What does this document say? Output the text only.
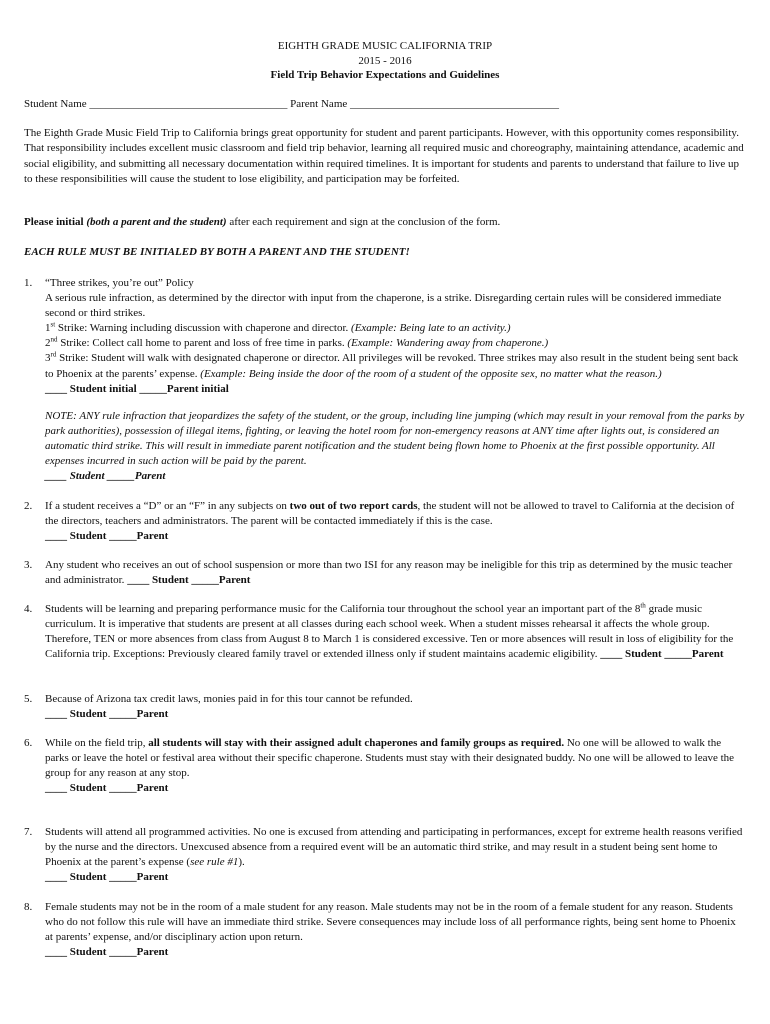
EIGHTH GRADE MUSIC CALIFORNIA TRIP
2015 - 2016
Field Trip Behavior Expectations and Guidelines
Student Name ____________________________________ Parent Name ______________________________________
The Eighth Grade Music Field Trip to California brings great opportunity for student and parent participants. However, with this opportunity comes responsibility. That responsibility includes excellent music classroom and field trip behavior, learning all required music and choreography, maintaining attendance, academic and social eligibility, and submitting all necessary documentation within required timelines. It is important for students and parents to understand that failure to live up to these responsibilities will cause the student to lose eligibility, and participation may be forfeited.
Please initial (both a parent and the student) after each requirement and sign at the conclusion of the form.
EACH RULE MUST BE INITIALED BY BOTH A PARENT AND THE STUDENT!
1. “Three strikes, you’re out” Policy
A serious rule infraction, as determined by the director with input from the chaperone, is a strike. Disregarding certain rules will be considered immediate second or third strikes.
1st Strike: Warning including discussion with chaperone and director. (Example: Being late to an activity.)
2nd Strike: Collect call home to parent and loss of free time in parks. (Example: Wandering away from chaperone.)
3rd Strike: Student will walk with designated chaperone or director. All privileges will be revoked. Three strikes may also result in the student being sent back to Phoenix at the parents’ expense. (Example: Being inside the door of the room of a student of the opposite sex, no matter what the reason.) ____ Student initial _____Parent initial
NOTE: ANY rule infraction that jeopardizes the safety of the student, or the group, including line jumping (which may result in your removal from the parks by park authorities), possession of illegal items, fighting, or leaving the hotel room for non-emergency reasons at ANY time after lights out, is considered an automatic third strike. This will result in immediate parent notification and the student being flown home to Phoenix at the first possible opportunity. All expenses incurred in such action will be paid by the parent.
____ Student _____Parent
2. If a student receives a “D” or an “F” in any subjects on two out of two report cards, the student will not be allowed to travel to California at the decision of the directors, teachers and administrators. The parent will be contacted immediately if this is the case.
____ Student _____Parent
3. Any student who receives an out of school suspension or more than two ISI for any reason may be ineligible for this trip as determined by the music teacher and administrator. ____ Student _____Parent
4. Students will be learning and preparing performance music for the California tour throughout the school year an important part of the 8th grade music curriculum. It is imperative that students are present at all classes during each school week. When a student misses rehearsal it affects the whole group. Therefore, TEN or more absences from class from August 8 to March 1 is considered excessive. Ten or more absences will result in loss of eligibility for the California trip. Exceptions: Previously cleared family travel or extended illness only if student maintains academic eligibility. ____ Student _____Parent
5. Because of Arizona tax credit laws, monies paid in for this tour cannot be refunded.
____ Student _____Parent
6. While on the field trip, all students will stay with their assigned adult chaperones and family groups as required. No one will be allowed to walk the parks or leave the hotel or festival area without their specific chaperone. Students must stay with their designated buddy. No one will be allowed to leave the group for any reason at any stop.
____ Student _____Parent
7. Students will attend all programmed activities. No one is excused from attending and participating in performances, except for extreme health reasons verified by the nurse and the directors. Unexcused absence from a required event will be an automatic third strike, and may result in a student being sent home to Phoenix at the parent’s expense (see rule #1).
____ Student _____Parent
8. Female students may not be in the room of a male student for any reason. Male students may not be in the room of a female student for any reason. Students who do not follow this rule will have an immediate third strike. Severe consequences may include loss of all performance rights, being sent home to Phoenix at parents’ expense, and/or disciplinary action upon return.
____ Student _____Parent
